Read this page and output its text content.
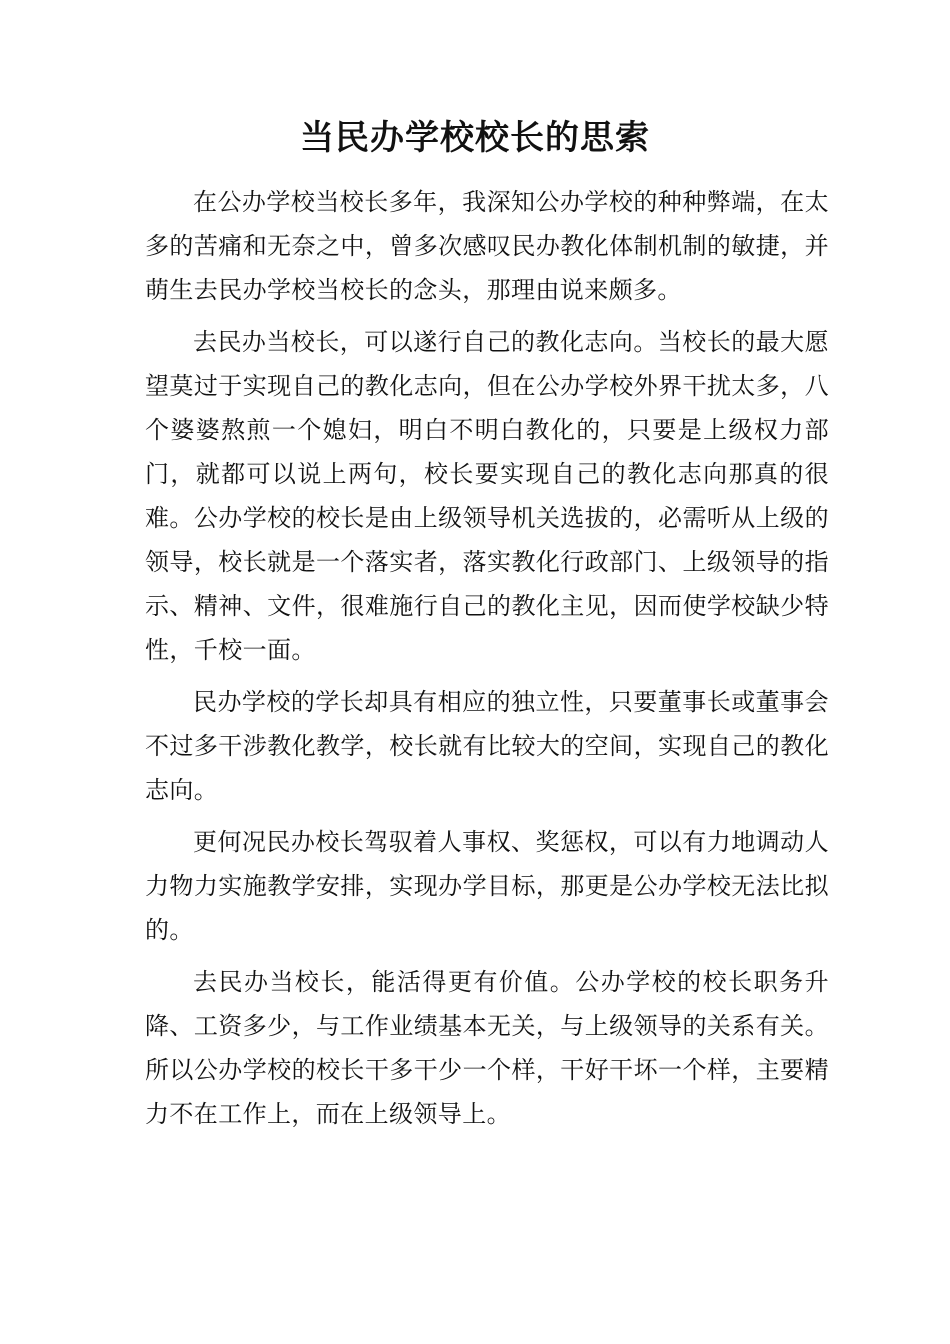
当民办学校校长的思索

在公办学校当校长多年，我深知公办学校的种种弊端，在太多的苦痛和无奈之中，曾多次感叹民办教化体制机制的敏捷，并萌生去民办学校当校长的念头，那理由说来颇多。

去民办当校长，可以遂行自己的教化志向。当校长的最大愿望莫过于实现自己的教化志向，但在公办学校外界干扰太多，八个婆婆熬煎一个媳妇，明白不明白教化的，只要是上级权力部门，就都可以说上两句，校长要实现自己的教化志向那真的很难。公办学校的校长是由上级领导机关选拔的，必需听从上级的领导，校长就是一个落实者，落实教化行政部门、上级领导的指示、精神、文件，很难施行自己的教化主见，因而使学校缺少特性，千校一面。

民办学校的学长却具有相应的独立性，只要董事长或董事会不过多干涉教化教学，校长就有比较大的空间，实现自己的教化志向。

更何况民办校长驾驭着人事权、奖惩权，可以有力地调动人力物力实施教学安排，实现办学目标，那更是公办学校无法比拟的。

去民办当校长，能活得更有价值。公办学校的校长职务升降、工资多少，与工作业绩基本无关，与上级领导的关系有关。所以公办学校的校长干多干少一个样，干好干坏一个样，主要精力不在工作上，而在上级领导上。
